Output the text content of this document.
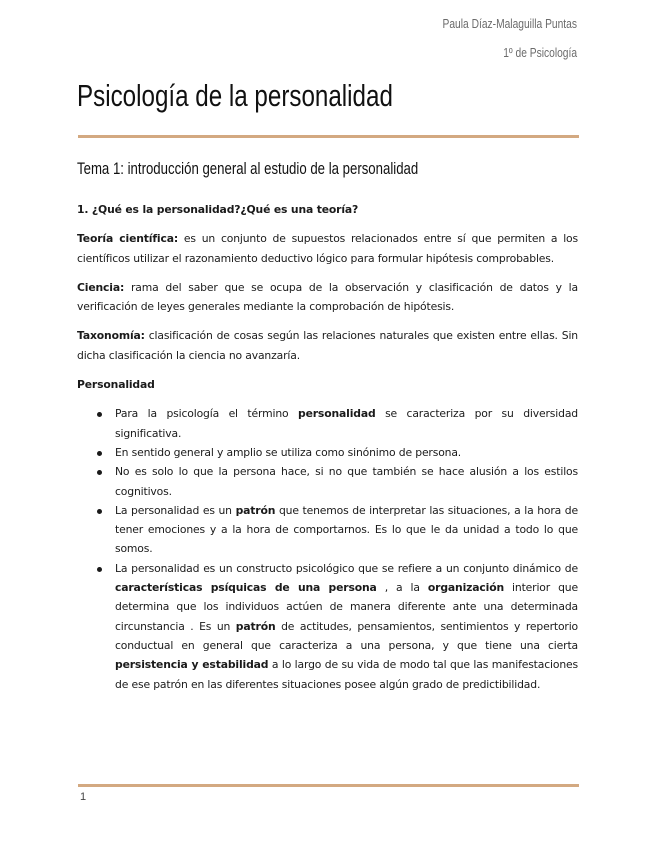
Paula Díaz-Malaguilla Puntas
1º de Psicología
Psicología de la personalidad
Tema 1: introducción general al estudio de la personalidad

1. ¿Qué es la personalidad?¿Qué es una teoría?

Teoría científica: es un conjunto de supuestos relacionados entre sí que permiten a los científicos utilizar el razonamiento deductivo lógico para formular hipótesis comprobables.

Ciencia: rama del saber que se ocupa de la observación y clasificación de datos y la verificación de leyes generales mediante la comprobación de hipótesis.

Taxonomía: clasificación de cosas según las relaciones naturales que existen entre ellas. Sin dicha clasificación la ciencia no avanzaría.

Personalidad

Para la psicología el término personalidad se caracteriza por su diversidad significativa.
En sentido general y amplio se utiliza como sinónimo de persona.
No es solo lo que la persona hace, si no que también se hace alusión a los estilos cognitivos.
La personalidad es un patrón que tenemos de interpretar las situaciones, a la hora de tener emociones y a la hora de comportarnos. Es lo que le da unidad a todo lo que somos.
La personalidad es un constructo psicológico que se refiere a un conjunto dinámico de características psíquicas de una persona , a la organización interior que determina que los individuos actúen de manera diferente ante una determinada circunstancia . Es un patrón de actitudes, pensamientos, sentimientos y repertorio conductual en general que caracteriza a una persona, y que tiene una cierta persistencia y estabilidad a lo largo de su vida de modo tal que las manifestaciones de ese patrón en las diferentes situaciones posee algún grado de predictibilidad.
1
